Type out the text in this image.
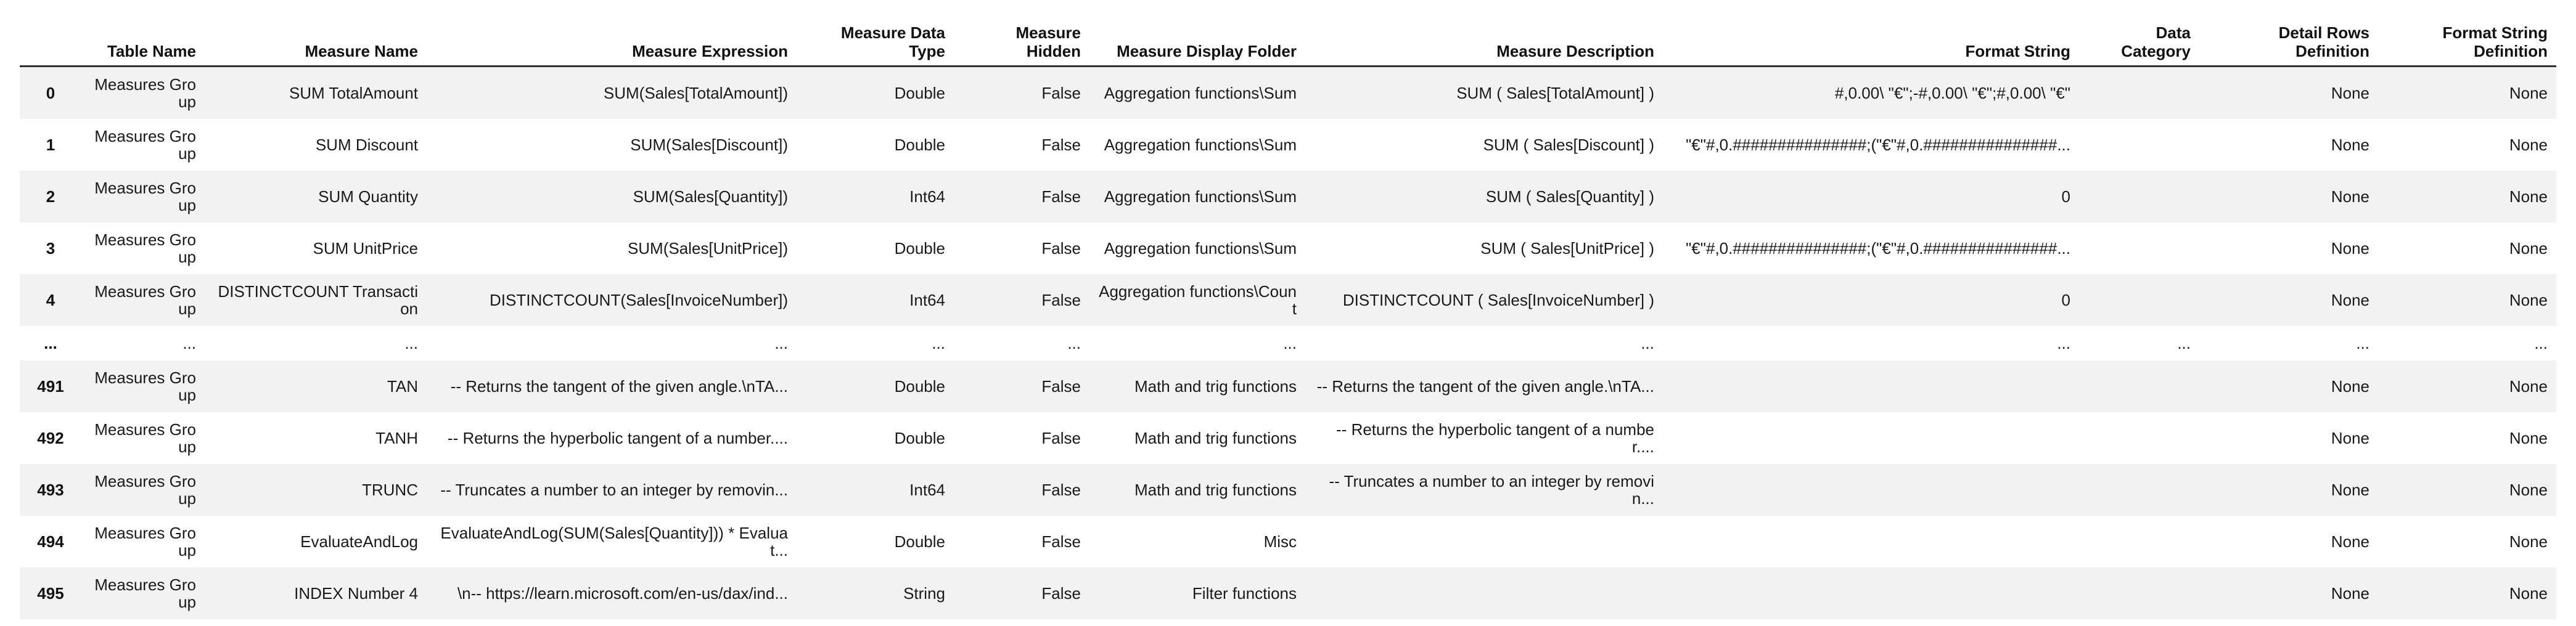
	Table Name	Measure Name	Measure Expression	Measure Data Type	Measure Hidden	Measure Display Folder	Measure Description	Format String	Data Category	Detail Rows Definition	Format String Definition
0	Measures Group	SUM TotalAmount	SUM(Sales[TotalAmount])	Double	False	Aggregation functions\Sum	SUM ( Sales[TotalAmount] )	#,0.00\ "€";-#,0.00\ "€";#,0.00\ "€"		None	None

1	Measures Group	SUM Discount	SUM(Sales[Discount])	Double	False	Aggregation functions\Sum	SUM ( Sales[Discount] )	"€"#,0.###############;("€"#,0.###############...		None	None

2	Measures Group	SUM Quantity	SUM(Sales[Quantity])	Int64	False	Aggregation functions\Sum	SUM ( Sales[Quantity] )	0		None	None

3	Measures Group	SUM UnitPrice	SUM(Sales[UnitPrice])	Double	False	Aggregation functions\Sum	SUM ( Sales[UnitPrice] )	"€"#,0.###############;("€"#,0.###############...		None	None

4	Measures Group	DISTINCTCOUNT Transaction	DISTINCTCOUNT(Sales[InvoiceNumber])	Int64	False	Aggregation functions\Count	DISTINCTCOUNT ( Sales[InvoiceNumber] )	0		None	None

...	...	...	...	...	...	...	...	...	...	...	...

491	Measures Group	TAN	-- Returns the tangent of the given angle.\nTA...	Double	False	Math and trig functions	-- Returns the tangent of the given angle.\nTA...			None	None

492	Measures Group	TANH	-- Returns the hyperbolic tangent of a number....	Double	False	Math and trig functions	-- Returns the hyperbolic tangent of a number....			None	None

493	Measures Group	TRUNC	-- Truncates a number to an integer by removin...	Int64	False	Math and trig functions	-- Truncates a number to an integer by removin...			None	None

494	Measures Group	EvaluateAndLog	EvaluateAndLog(SUM(Sales[Quantity])) * Evaluat...	Double	False	Misc				None	None

495	Measures Group	INDEX Number 4	\n-- https://learn.microsoft.com/en-us/dax/ind...	String	False	Filter functions				None	None
